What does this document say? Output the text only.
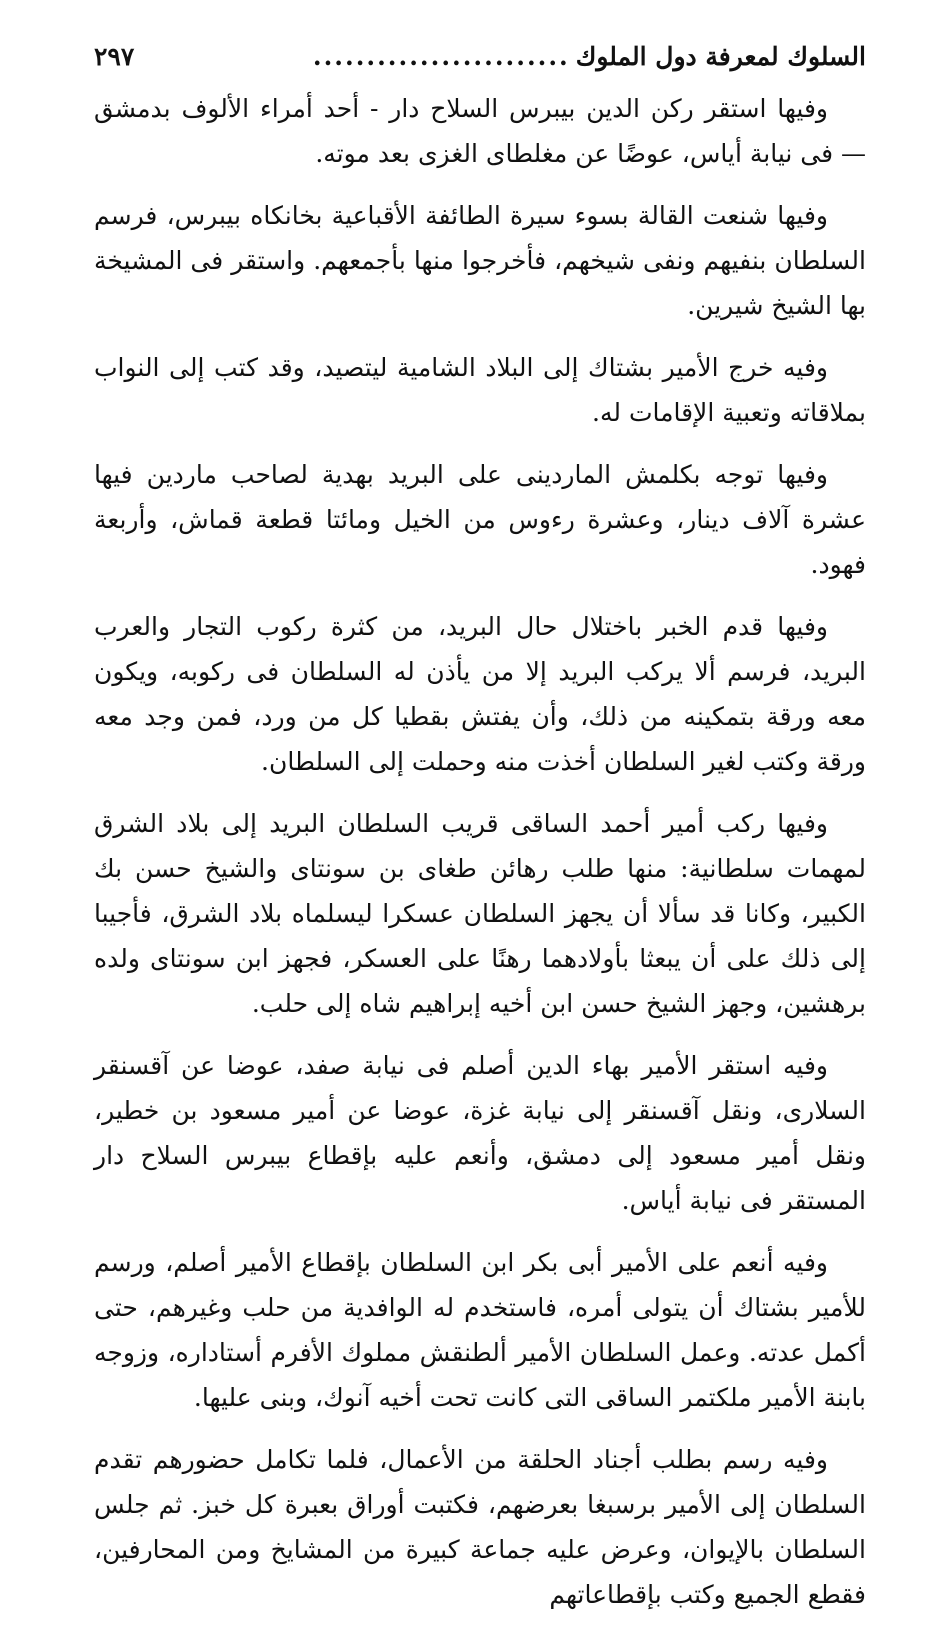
السلوك لمعرفة دول الملوك
........................
٢٩٧

وفيها استقر ركن الدين بيبرس السلاح دار - أحد أمراء الألوف بدمشق — فى نيابة أياس، عوضًا عن مغلطاى الغزى بعد موته.

وفيها شنعت القالة بسوء سيرة الطائفة الأقباعية بخانكاه بيبرس، فرسم السلطان بنفيهم ونفى شيخهم، فأخرجوا منها بأجمعهم. واستقر فى المشيخة بها الشيخ شيرين.

وفيه خرج الأمير بشتاك إلى البلاد الشامية ليتصيد، وقد كتب إلى النواب بملاقاته وتعبية الإقامات له.

وفيها توجه بكلمش الماردينى على البريد بهدية لصاحب ماردين فيها عشرة آلاف دينار، وعشرة رءوس من الخيل ومائتا قطعة قماش، وأربعة فهود.

وفيها قدم الخبر باختلال حال البريد، من كثرة ركوب التجار والعرب البريد، فرسم ألا يركب البريد إلا من يأذن له السلطان فى ركوبه، ويكون معه ورقة بتمكينه من ذلك، وأن يفتش بقطيا كل من ورد، فمن وجد معه ورقة وكتب لغير السلطان أخذت منه وحملت إلى السلطان.

وفيها ركب أمير أحمد الساقى قريب السلطان البريد إلى بلاد الشرق لمهمات سلطانية: منها طلب رهائن طغاى بن سونتاى والشيخ حسن بك الكبير، وكانا قد سألا أن يجهز السلطان عسكرا ليسلماه بلاد الشرق، فأجيبا إلى ذلك على أن يبعثا بأولادهما رهنًا على العسكر، فجهز ابن سونتاى ولده برهشين، وجهز الشيخ حسن ابن أخيه إبراهيم شاه إلى حلب.

وفيه استقر الأمير بهاء الدين أصلم فى نيابة صفد، عوضا عن آقسنقر السلارى، ونقل آقسنقر إلى نيابة غزة، عوضا عن أمير مسعود بن خطير، ونقل أمير مسعود إلى دمشق، وأنعم عليه بإقطاع بيبرس السلاح دار المستقر فى نيابة أياس.

وفيه أنعم على الأمير أبى بكر ابن السلطان بإقطاع الأمير أصلم، ورسم للأمير بشتاك أن يتولى أمره، فاستخدم له الوافدية من حلب وغيرهم، حتى أكمل عدته. وعمل السلطان الأمير ألطنقش مملوك الأفرم أستاداره، وزوجه بابنة الأمير ملكتمر الساقى التى كانت تحت أخيه آنوك، وبنى عليها.

وفيه رسم بطلب أجناد الحلقة من الأعمال، فلما تكامل حضورهم تقدم السلطان إلى الأمير برسبغا بعرضهم، فكتبت أوراق بعبرة كل خبز. ثم جلس السلطان بالإيوان، وعرض عليه جماعة كبيرة من المشايخ ومن المحارفين، فقطع الجميع وكتب بإقطاعاتهم
